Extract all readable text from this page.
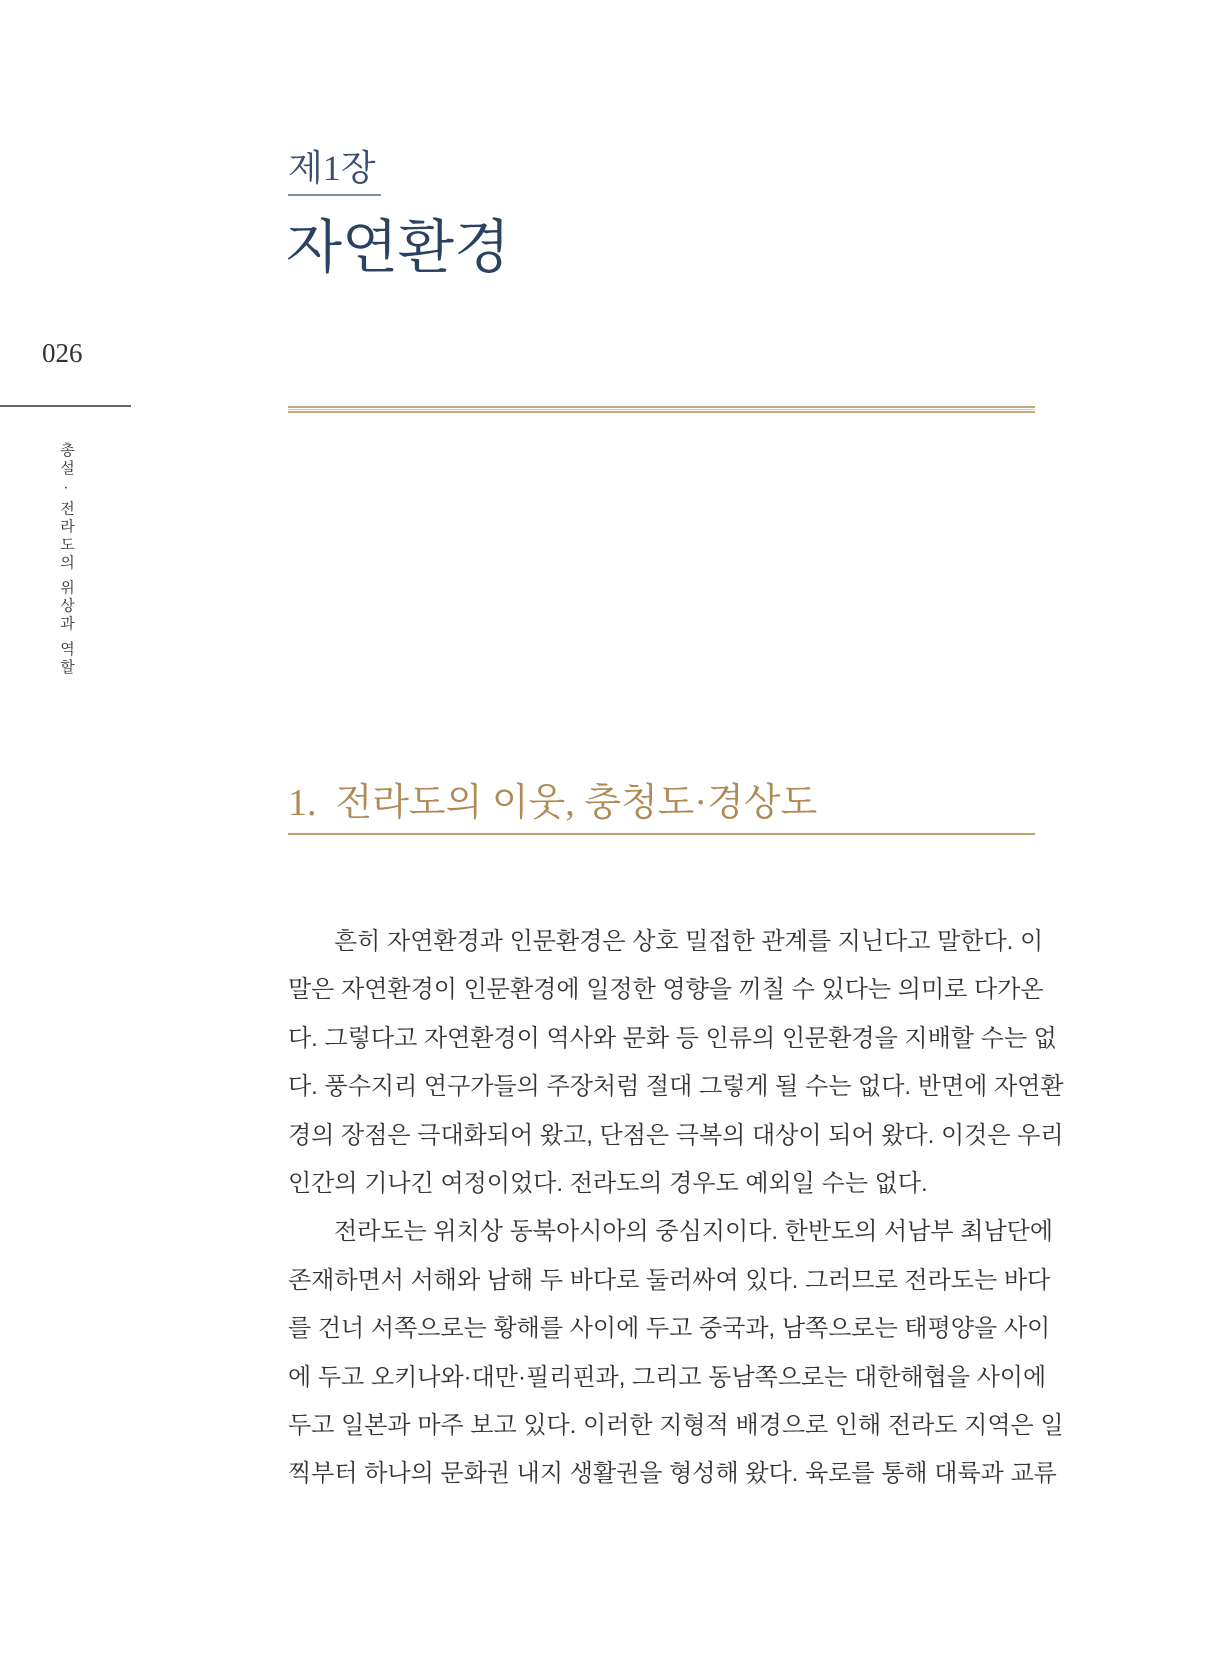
제1장
자연환경
026
총설 · 전라도의 위상과 역할
1.  전라도의 이웃, 충청도·경상도
흔히 자연환경과 인문환경은 상호 밀접한 관계를 지닌다고 말한다. 이
말은 자연환경이 인문환경에 일정한 영향을 끼칠 수 있다는 의미로 다가온
다. 그렇다고 자연환경이 역사와 문화 등 인류의 인문환경을 지배할 수는 없
다. 풍수지리 연구가들의 주장처럼 절대 그렇게 될 수는 없다. 반면에 자연환
경의 장점은 극대화되어 왔고, 단점은 극복의 대상이 되어 왔다. 이것은 우리
인간의 기나긴 여정이었다. 전라도의 경우도 예외일 수는 없다.
전라도는 위치상 동북아시아의 중심지이다. 한반도의 서남부 최남단에
존재하면서 서해와 남해 두 바다로 둘러싸여 있다. 그러므로 전라도는 바다
를 건너 서쪽으로는 황해를 사이에 두고 중국과, 남쪽으로는 태평양을 사이
에 두고 오키나와·대만·필리핀과, 그리고 동남쪽으로는 대한해협을 사이에
두고 일본과 마주 보고 있다. 이러한 지형적 배경으로 인해 전라도 지역은 일
찍부터 하나의 문화권 내지 생활권을 형성해 왔다. 육로를 통해 대륙과 교류
